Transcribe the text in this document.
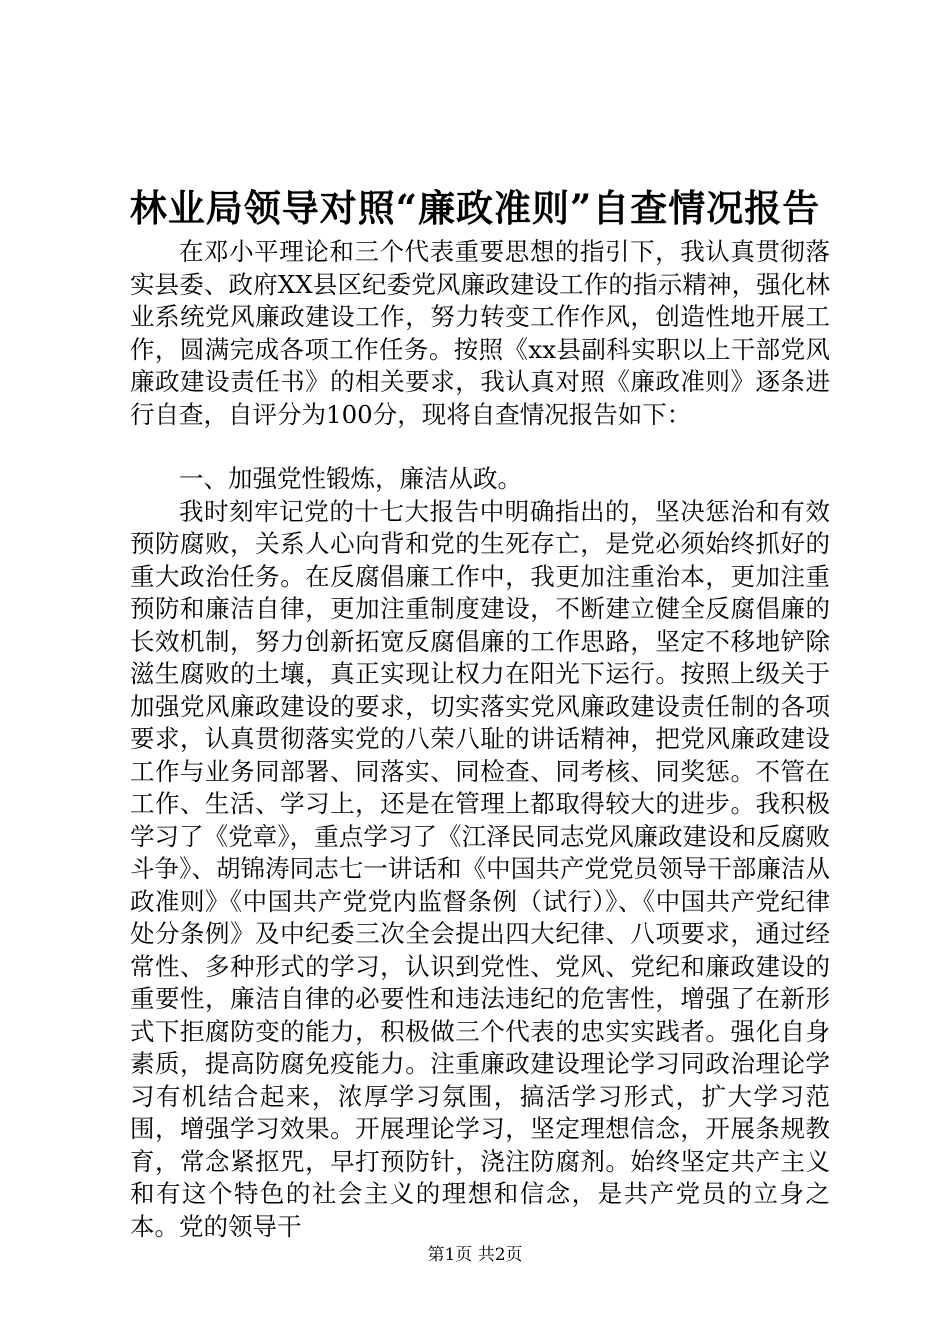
林业局领导对照“廉政准则”自查情况报告

在邓小平理论和三个代表重要思想的指引下，我认真贯彻落实县委、政府XX县区纪委党风廉政建设工作的指示精神，强化林业系统党风廉政建设工作，努力转变工作作风，创造性地开展工作，圆满完成各项工作任务。按照《xx县副科实职以上干部党风廉政建设责任书》的相关要求，我认真对照《廉政准则》逐条进行自查，自评分为100分，现将自查情况报告如下：

一、加强党性锻炼，廉洁从政。

我时刻牢记党的十七大报告中明确指出的，坚决惩治和有效预防腐败，关系人心向背和党的生死存亡，是党必须始终抓好的重大政治任务。在反腐倡廉工作中，我更加注重治本，更加注重预防和廉洁自律，更加注重制度建设，不断建立健全反腐倡廉的长效机制，努力创新拓宽反腐倡廉的工作思路，坚定不移地铲除滋生腐败的土壤，真正实现让权力在阳光下运行。按照上级关于加强党风廉政建设的要求，切实落实党风廉政建设责任制的各项要求，认真贯彻落实党的八荣八耻的讲话精神，把党风廉政建设工作与业务同部署、同落实、同检查、同考核、同奖惩。不管在工作、生活、学习上，还是在管理上都取得较大的进步。我积极学习了《党章》，重点学习了《江泽民同志党风廉政建设和反腐败斗争》、胡锦涛同志七一讲话和《中国共产党党员领导干部廉洁从政准则》《中国共产党党内监督条例（试行）》、《中国共产党纪律处分条例》及中纪委三次全会提出四大纪律、八项要求，通过经常性、多种形式的学习，认识到党性、党风、党纪和廉政建设的重要性，廉洁自律的必要性和违法违纪的危害性，增强了在新形式下拒腐防变的能力，积极做三个代表的忠实实践者。强化自身素质，提高防腐免疫能力。注重廉政建设理论学习同政治理论学习有机结合起来，浓厚学习氛围，搞活学习形式，扩大学习范围，增强学习效果。开展理论学习，坚定理想信念，开展条规教育，常念紧抠咒，早打预防针，浇注防腐剂。始终坚定共产主义和有这个特色的社会主义的理想和信念，是共产党员的立身之本。党的领导干

第1页 共2页
